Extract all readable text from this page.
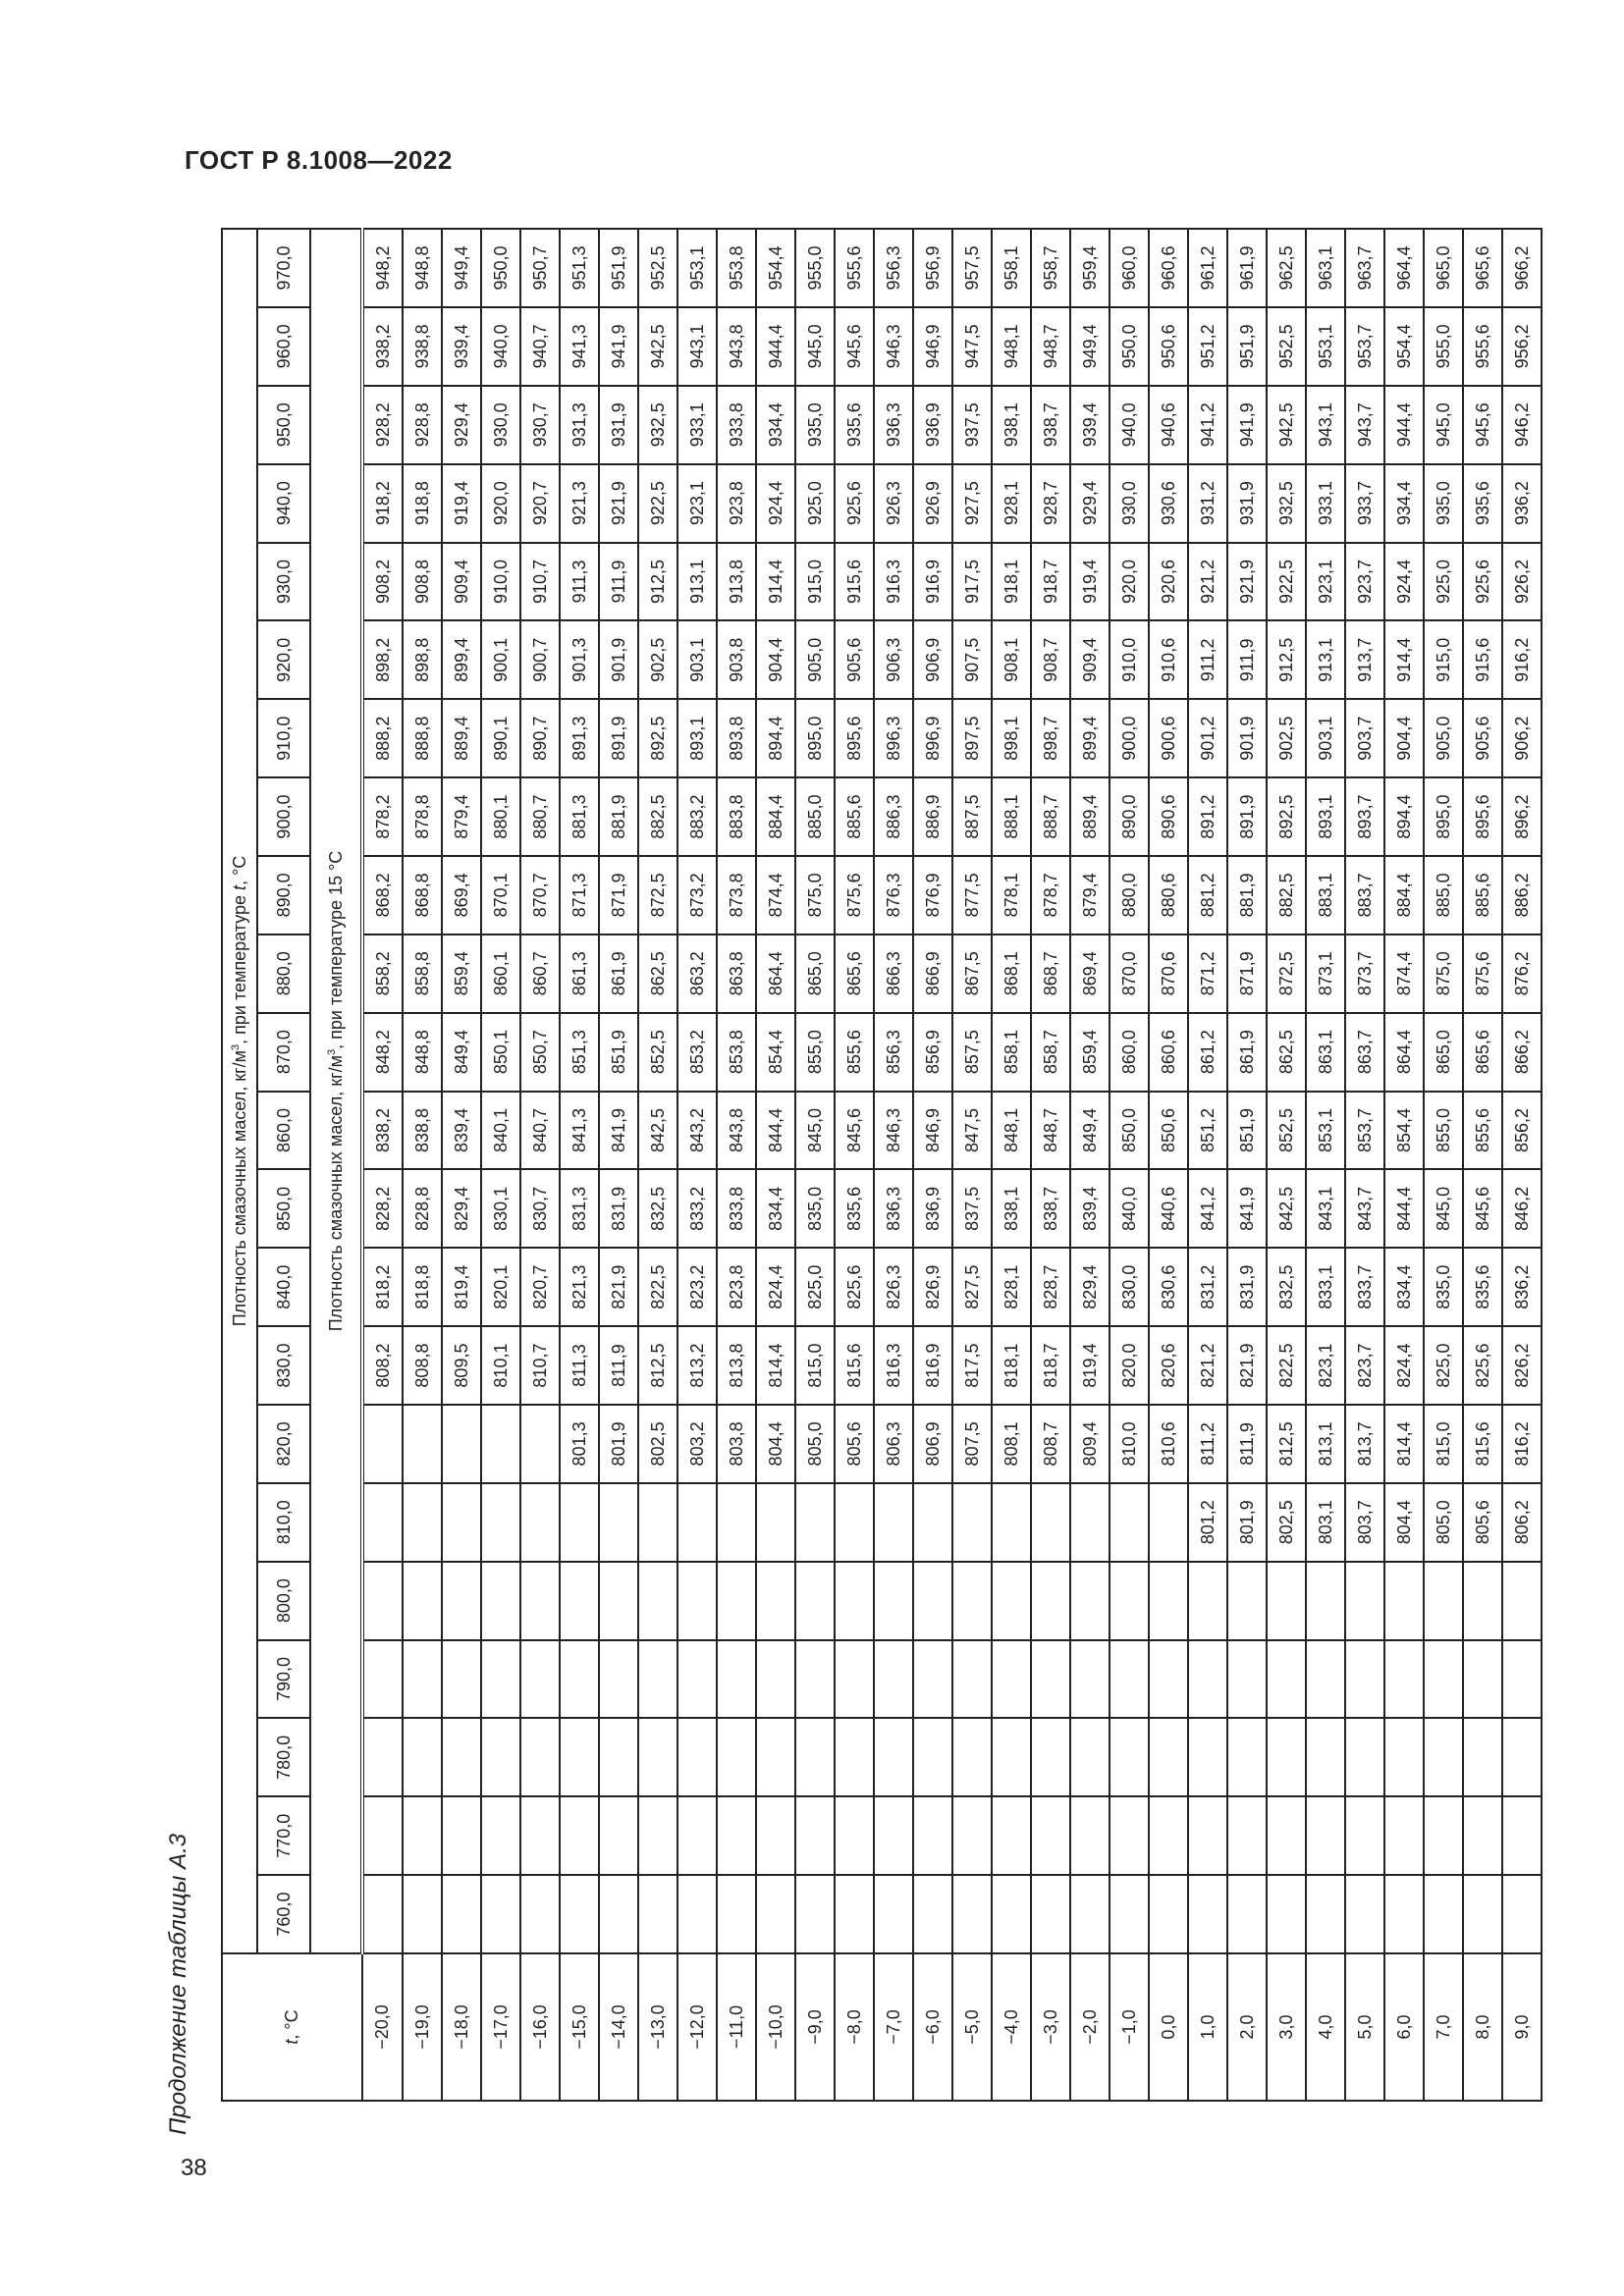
ГОСТ Р 8.1008—2022
Продолжение таблицы А.3
38
t, °C	Плотность смазочных масел, $кг/м^3$, при температуре t, °C																					
	760,0	770,0	780,0	790,0	800,0	810,0	820,0	830,0	840,0	850,0	860,0	870,0	880,0	890,0	900,0	910,0	920,0	930,0	940,0	950,0	960,0	970,0
	Плотность смазочных масел, $кг/м^3$, при температуре 15 °C																					
−20,0								808,2	818,2	828,2	838,2	848,2	858,2	868,2	878,2	888,2	898,2	908,2	918,2	928,2	938,2	948,2
−19,0								808,8	818,8	828,8	838,8	848,8	858,8	868,8	878,8	888,8	898,8	908,8	918,8	928,8	938,8	948,8
−18,0								809,5	819,4	829,4	839,4	849,4	859,4	869,4	879,4	889,4	899,4	909,4	919,4	929,4	939,4	949,4
−17,0								810,1	820,1	830,1	840,1	850,1	860,1	870,1	880,1	890,1	900,1	910,0	920,0	930,0	940,0	950,0
−16,0								810,7	820,7	830,7	840,7	850,7	860,7	870,7	880,7	890,7	900,7	910,7	920,7	930,7	940,7	950,7
−15,0							801,3	811,3	821,3	831,3	841,3	851,3	861,3	871,3	881,3	891,3	901,3	911,3	921,3	931,3	941,3	951,3
−14,0							801,9	811,9	821,9	831,9	841,9	851,9	861,9	871,9	881,9	891,9	901,9	911,9	921,9	931,9	941,9	951,9
−13,0							802,5	812,5	822,5	832,5	842,5	852,5	862,5	872,5	882,5	892,5	902,5	912,5	922,5	932,5	942,5	952,5
−12,0							803,2	813,2	823,2	833,2	843,2	853,2	863,2	873,2	883,2	893,1	903,1	913,1	923,1	933,1	943,1	953,1
−11,0							803,8	813,8	823,8	833,8	843,8	853,8	863,8	873,8	883,8	893,8	903,8	913,8	923,8	933,8	943,8	953,8
−10,0							804,4	814,4	824,4	834,4	844,4	854,4	864,4	874,4	884,4	894,4	904,4	914,4	924,4	934,4	944,4	954,4
−9,0							805,0	815,0	825,0	835,0	845,0	855,0	865,0	875,0	885,0	895,0	905,0	915,0	925,0	935,0	945,0	955,0
−8,0							805,6	815,6	825,6	835,6	845,6	855,6	865,6	875,6	885,6	895,6	905,6	915,6	925,6	935,6	945,6	955,6
−7,0							806,3	816,3	826,3	836,3	846,3	856,3	866,3	876,3	886,3	896,3	906,3	916,3	926,3	936,3	946,3	956,3
−6,0							806,9	816,9	826,9	836,9	846,9	856,9	866,9	876,9	886,9	896,9	906,9	916,9	926,9	936,9	946,9	956,9
−5,0							807,5	817,5	827,5	837,5	847,5	857,5	867,5	877,5	887,5	897,5	907,5	917,5	927,5	937,5	947,5	957,5
−4,0							808,1	818,1	828,1	838,1	848,1	858,1	868,1	878,1	888,1	898,1	908,1	918,1	928,1	938,1	948,1	958,1
−3,0							808,7	818,7	828,7	838,7	848,7	858,7	868,7	878,7	888,7	898,7	908,7	918,7	928,7	938,7	948,7	958,7
−2,0							809,4	819,4	829,4	839,4	849,4	859,4	869,4	879,4	889,4	899,4	909,4	919,4	929,4	939,4	949,4	959,4
−1,0							810,0	820,0	830,0	840,0	850,0	860,0	870,0	880,0	890,0	900,0	910,0	920,0	930,0	940,0	950,0	960,0
0,0							810,6	820,6	830,6	840,6	850,6	860,6	870,6	880,6	890,6	900,6	910,6	920,6	930,6	940,6	950,6	960,6
1,0						801,2	811,2	821,2	831,2	841,2	851,2	861,2	871,2	881,2	891,2	901,2	911,2	921,2	931,2	941,2	951,2	961,2
2,0						801,9	811,9	821,9	831,9	841,9	851,9	861,9	871,9	881,9	891,9	901,9	911,9	921,9	931,9	941,9	951,9	961,9
3,0						802,5	812,5	822,5	832,5	842,5	852,5	862,5	872,5	882,5	892,5	902,5	912,5	922,5	932,5	942,5	952,5	962,5
4,0						803,1	813,1	823,1	833,1	843,1	853,1	863,1	873,1	883,1	893,1	903,1	913,1	923,1	933,1	943,1	953,1	963,1
5,0						803,7	813,7	823,7	833,7	843,7	853,7	863,7	873,7	883,7	893,7	903,7	913,7	923,7	933,7	943,7	953,7	963,7
6,0						804,4	814,4	824,4	834,4	844,4	854,4	864,4	874,4	884,4	894,4	904,4	914,4	924,4	934,4	944,4	954,4	964,4
7,0						805,0	815,0	825,0	835,0	845,0	855,0	865,0	875,0	885,0	895,0	905,0	915,0	925,0	935,0	945,0	955,0	965,0
8,0						805,6	815,6	825,6	835,6	845,6	855,6	865,6	875,6	885,6	895,6	905,6	915,6	925,6	935,6	945,6	955,6	965,6
9,0						806,2	816,2	826,2	836,2	846,2	856,2	866,2	876,2	886,2	896,2	906,2	916,2	926,2	936,2	946,2	956,2	966,2
